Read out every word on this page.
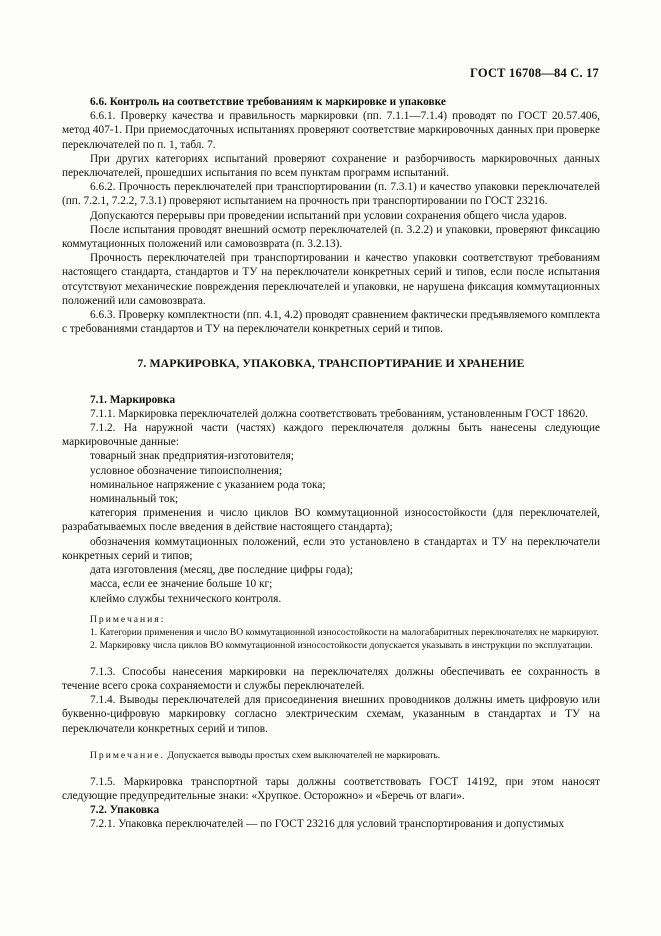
ГОСТ 16708—84 С. 17

6.6. Контроль на соответствие требованиям к маркировке и упаковке

6.6.1. Проверку качества и правильность маркировки (пп. 7.1.1—7.1.4) проводят по ГОСТ 20.57.406, метод 407-1. При приемосдаточных испытаниях проверяют соответствие маркировочных данных при проверке переключателей по п. 1, табл. 7.

При других категориях испытаний проверяют сохранение и разборчивость маркировочных данных переключателей, прошедших испытания по всем пунктам программ испытаний.

6.6.2. Прочность переключателей при транспортировании (п. 7.3.1) и качество упаковки переключателей (пп. 7.2.1, 7.2.2, 7.3.1) проверяют испытанием на прочность при транспортировании по ГОСТ 23216.

Допускаются перерывы при проведении испытаний при условии сохранения общего числа ударов.

После испытания проводят внешний осмотр переключателей (п. 3.2.2) и упаковки, проверяют фиксацию коммутационных положений или самовозврата (п. 3.2.13).

Прочность переключателей при транспортировании и качество упаковки соответствуют требованиям настоящего стандарта, стандартов и ТУ на переключатели конкретных серий и типов, если после испытания отсутствуют механические повреждения переключателей и упаковки, не нарушена фиксация коммутационных положений или самовозврата.

6.6.3. Проверку комплектности (пп. 4.1, 4.2) проводят сравнением фактически предъявляемого комплекта с требованиями стандартов и ТУ на переключатели конкретных серий и типов.

7. МАРКИРОВКА, УПАКОВКА, ТРАНСПОРТИРАНИЕ И ХРАНЕНИЕ

7.1. Маркировка

7.1.1. Маркировка переключателей должна соответствовать требованиям, установленным ГОСТ 18620.

7.1.2. На наружной части (частях) каждого переключателя должны быть нанесены следующие маркировочные данные:

товарный знак предприятия-изготовителя;

условное обозначение типоисполнения;

номинальное напряжение с указанием рода тока;

номинальный ток;

категория применения и число циклов ВО коммутационной износостойкости (для переключателей, разрабатываемых после введения в действие настоящего стандарта);

обозначения коммутационных положений, если это установлено в стандартах и ТУ на переключатели конкретных серий и типов;

дата изготовления (месяц, две последние цифры года);

масса, если ее значение больше 10 кг;

клеймо службы технического контроля.

Примечания:

1. Категории применения и число ВО коммутационной износостойкости на малогабаритных переключателях не маркируют.

2. Маркировку числа циклов ВО коммутационной износостойкости допускается указывать в инструкции по эксплуатации.

7.1.3. Способы нанесения маркировки на переключателях должны обеспечивать ее сохранность в течение всего срока сохраняемости и службы переключателей.

7.1.4. Выводы переключателей для присоединения внешних проводников должны иметь цифровую или буквенно-цифровую маркировку согласно электрическим схемам, указанным в стандартах и ТУ на переключатели конкретных серий и типов.

Примечание. Допускается выводы простых схем выключателей не маркировать.

7.1.5. Маркировка транспортной тары должны соответствовать ГОСТ 14192, при этом наносят следующие предупредительные знаки: «Хрупкое. Осторожно» и «Беречь от влаги».

7.2. Упаковка

7.2.1. Упаковка переключателей — по ГОСТ 23216 для условий транспортирования и допустимых
